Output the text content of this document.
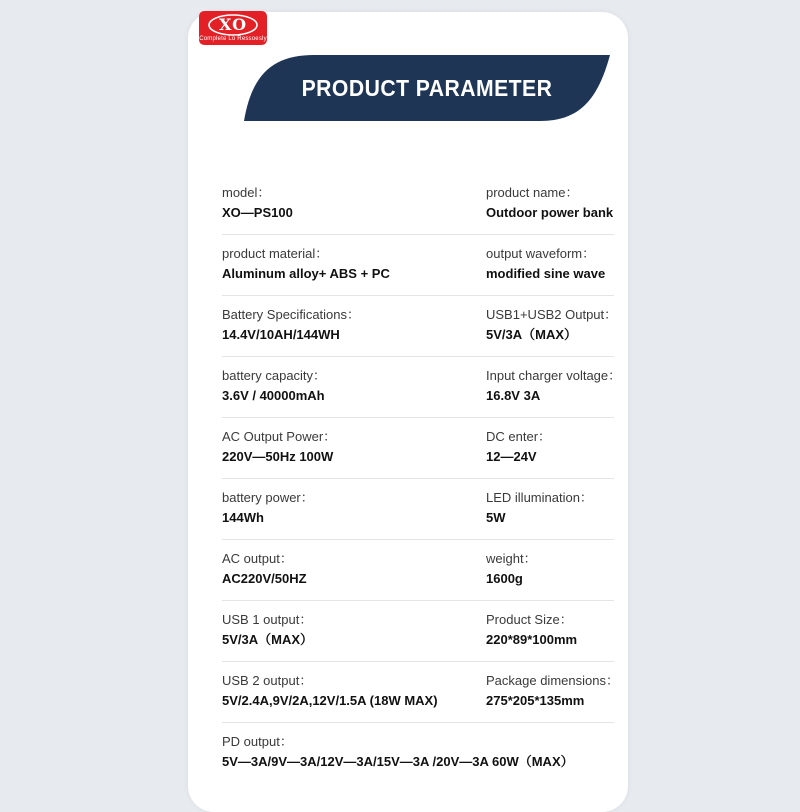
XO
Complete Lo Ressoesly
PRODUCT PARAMETER
model：
XO—PS100
product name：
Outdoor power bank
product material：
Aluminum alloy+ ABS + PC
output waveform：
modified sine wave
Battery Specifications：
14.4V/10AH/144WH
USB1+USB2 Output：
5V/3A（MAX）
battery capacity：
3.6V / 40000mAh
Input charger voltage：
16.8V 3A
AC Output Power：
220V—50Hz 100W
DC enter：
12—24V
battery power：
144Wh
LED illumination：
5W
AC output：
AC220V/50HZ
weight：
1600g
USB 1 output：
5V/3A（MAX）
Product Size：
220*89*100mm
USB 2 output：
5V/2.4A,9V/2A,12V/1.5A (18W MAX)
Package dimensions：
275*205*135mm
PD output：
5V—3A/9V—3A/12V—3A/15V—3A /20V—3A 60W（MAX）
